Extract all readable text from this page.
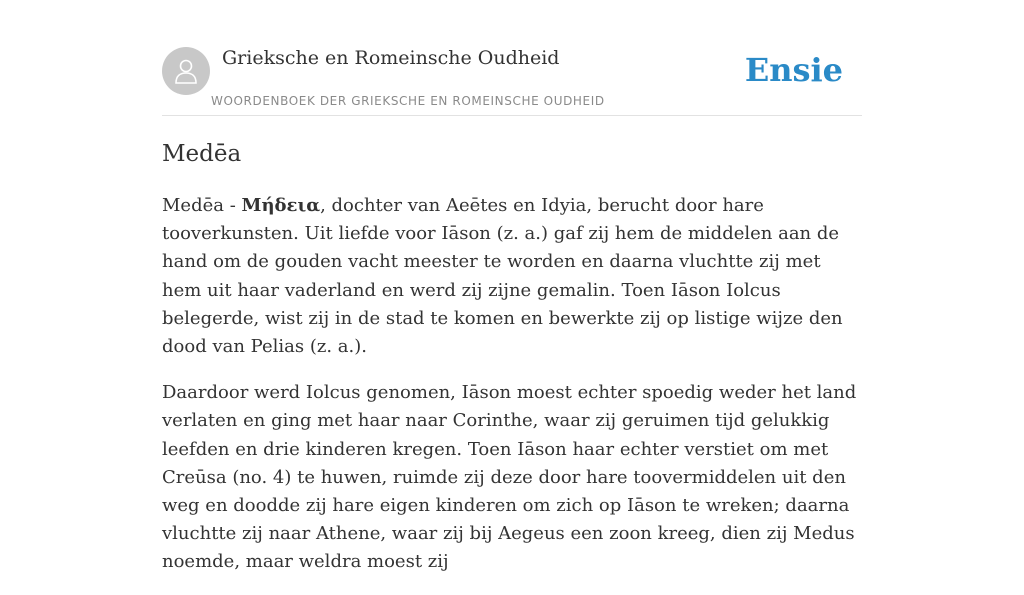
Grieksche en Romeinsche Oudheid
WOORDENBOEK DER GRIEKSCHE EN ROMEINSCHE OUDHEID
Ensie
Medēa

Medēa - Μήδεια, dochter van Aeētes en Idyia, berucht door hare tooverkunsten. Uit liefde voor Iāson (z. a.) gaf zij hem de middelen aan de hand om de gouden vacht meester te worden en daarna vluchtte zij met hem uit haar vaderland en werd zij zijne gemalin. Toen Iāson Iolcus belegerde, wist zij in de stad te komen en bewerkte zij op listige wijze den dood van Pelias (z. a.).

Daardoor werd Iolcus genomen, Iāson moest echter spoedig weder het land verlaten en ging met haar naar Corinthe, waar zij geruimen tijd gelukkig leefden en drie kinderen kregen. Toen Iāson haar echter verstiet om met Creūsa (no. 4) te huwen, ruimde zij deze door hare toovermiddelen uit den weg en doodde zij hare eigen kinderen om zich op Iāson te wreken; daarna vluchtte zij naar Athene, waar zij bij Aegeus een zoon kreeg, dien zij Medus noemde, maar weldra moest zij
